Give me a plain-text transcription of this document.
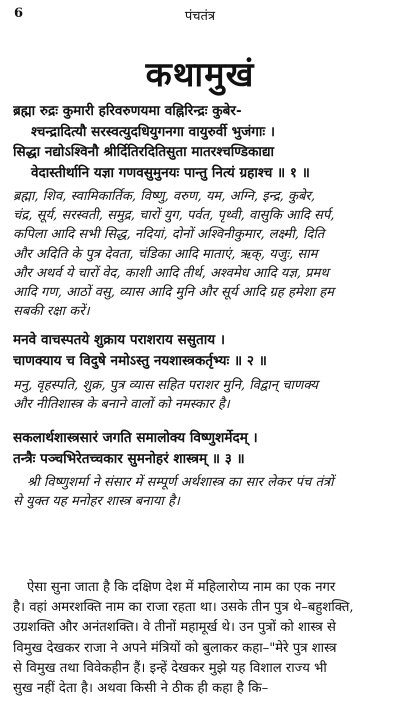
6	पंचतंत्र
कथामुखं
ब्रह्मा रुद्रः कुमारी हरिवरुणयमा वह्निरिन्द्रः कुबेर-
श्चन्द्रादित्यौ सरस्वत्युदधियुगनगा वायुरुर्वी भुजंगाः ।
सिद्धा नद्योऽश्विनौ श्रीर्दितिरदितिसुता मातरश्चण्डिकाद्या
वेदास्तीर्थानि यज्ञा गणवसुमुनयः पान्तु नित्यं ग्रहाश्च ॥ १ ॥
ब्रह्मा, शिव, स्वामिकार्तिक, विष्णु, वरुण, यम, अग्नि, इन्द्र, कुबेर,
चंद्र, सूर्य, सरस्वती, समुद्र, चारों युग, पर्वत, पृथ्वी, वासुकि आदि सर्प,
कपिला आदि सभी सिद्ध, नदियां, दोनों अश्विनीकुमार, लक्ष्मी, दिति
और अदिति के पुत्र देवता, चंडिका आदि माताएं, ऋक्, यजुः, साम
और अथर्व ये चारों वेद, काशी आदि तीर्थ, अश्वमेध आदि यज्ञ, प्रमथ
आदि गण, आठों वसु, व्यास आदि मुनि और सूर्य आदि ग्रह हमेशा हम
सबकी रक्षा करें।
मनवे वाचस्पतये शुक्राय पराशराय ससुताय ।
चाणक्याय च विदुषे नमोऽस्तु नयशास्त्रकर्तृभ्यः ॥ २ ॥
मनु, वृहस्पति, शुक्र, पुत्र व्यास सहित पराशर मुनि, विद्वान् चाणक्य
और नीतिशास्त्र के बनाने वालों को नमस्कार है।
सकलार्थशास्त्रसारं जगति समालोक्य विष्णुशर्मेदम् ।
तन्त्रैः पञ्चभिरेतच्चकार सुमनोहरं शास्त्रम् ॥ ३ ॥
श्री विष्णुशर्मा ने संसार में सम्पूर्ण अर्थशास्त्र का सार लेकर पंच तंत्रों
से युक्त यह मनोहर शास्त्र बनाया है।
ऐसा सुना जाता है कि दक्षिण देश में महिलारोप्य नाम का एक नगर
है। वहां अमरशक्ति नाम का राजा रहता था। उसके तीन पुत्र थे–बहुशक्ति,
उग्रशक्ति और अनंतशक्ति। वे तीनों महामूर्ख थे। उन पुत्रों को शास्त्र से
विमुख देखकर राजा ने अपने मंत्रियों को बुलाकर कहा–"मेरे पुत्र शास्त्र
से विमुख तथा विवेकहीन हैं। इन्हें देखकर मुझे यह विशाल राज्य भी
सुख नहीं देता है। अथवा किसी ने ठीक ही कहा है कि–
